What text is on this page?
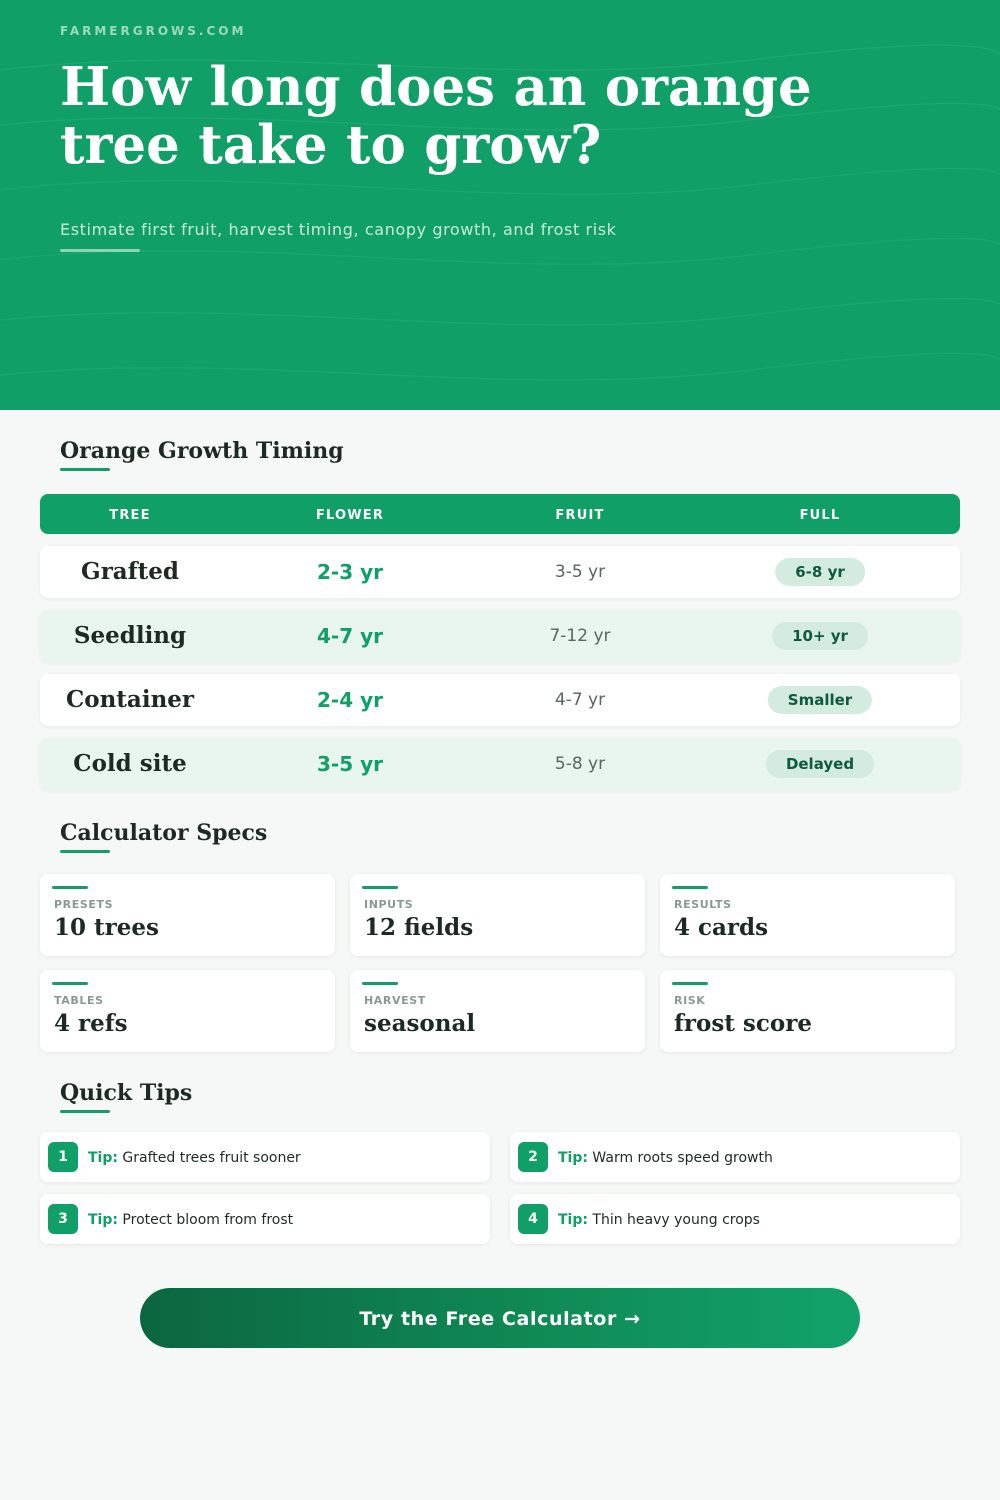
FARMERGROWS.COM
How long does an orange tree take to grow?
Estimate first fruit, harvest timing, canopy growth, and frost risk
Orange Growth Timing
TREE	FLOWER	FRUIT	FULL
Grafted	2-3 yr	3-5 yr	6-8 yr
Seedling	4-7 yr	7-12 yr	10+ yr
Container	2-4 yr	4-7 yr	Smaller
Cold site	3-5 yr	5-8 yr	Delayed
Calculator Specs
PRESETS
10 trees
INPUTS
12 fields
RESULTS
4 cards
TABLES
4 refs
HARVEST
seasonal
RISK
frost score
Quick Tips
1	Tip: Grafted trees fruit sooner	2	Tip: Warm roots speed growth
3	Tip: Protect bloom from frost	4	Tip: Thin heavy young crops
Try the Free Calculator →
